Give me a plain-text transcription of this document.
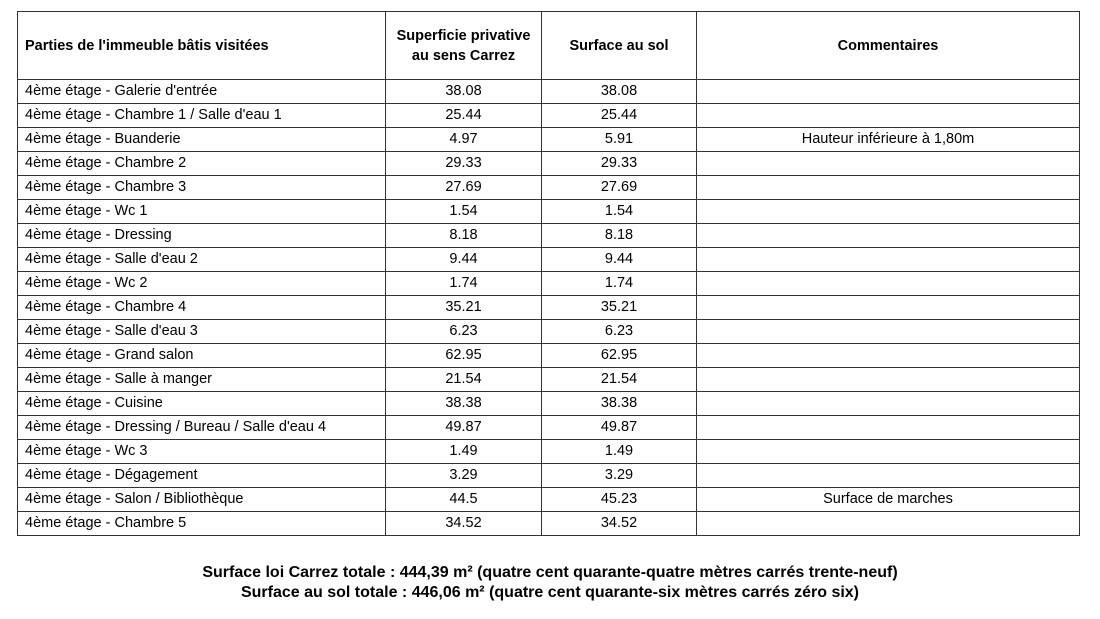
Parties de l'immeuble bâtis visitées	Superficie privative au sens Carrez	Surface au sol	Commentaires
4ème étage - Galerie d'entrée	38.08	38.08	
4ème étage - Chambre 1 / Salle d'eau 1	25.44	25.44	
4ème étage - Buanderie	4.97	5.91	Hauteur inférieure à 1,80m
4ème étage - Chambre 2	29.33	29.33	
4ème étage - Chambre 3	27.69	27.69	
4ème étage - Wc 1	1.54	1.54	
4ème étage - Dressing	8.18	8.18	
4ème étage - Salle d'eau 2	9.44	9.44	
4ème étage - Wc 2	1.74	1.74	
4ème étage - Chambre 4	35.21	35.21	
4ème étage - Salle d'eau 3	6.23	6.23	
4ème étage - Grand salon	62.95	62.95	
4ème étage - Salle à manger	21.54	21.54	
4ème étage - Cuisine	38.38	38.38	
4ème étage - Dressing / Bureau / Salle d'eau 4	49.87	49.87	
4ème étage - Wc 3	1.49	1.49	
4ème étage - Dégagement	3.29	3.29	
4ème étage - Salon / Bibliothèque	44.5	45.23	Surface de marches
4ème étage - Chambre 5	34.52	34.52	
Surface loi Carrez totale : 444,39 m² (quatre cent quarante-quatre mètres carrés trente-neuf)
Surface au sol totale : 446,06 m² (quatre cent quarante-six mètres carrés zéro six)
